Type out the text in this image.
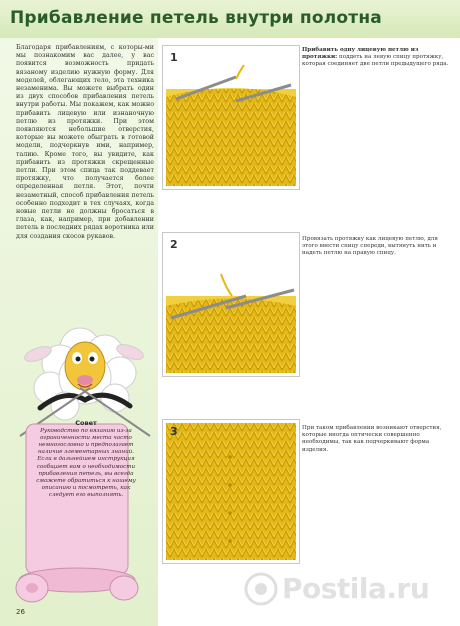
Прибавление петель внутри полотна

Благодаря прибавлениям, с которы-ми мы познакомим вас далее, у вас появится возможность придать вязаному изделию нужную форму. Для моделей, облегающих тело, эта техника незаменима. Вы можете выбрать один из двух способов прибавления петель внутри работы. Мы покажем, как можно прибавить лицевую или изнаночную петлю из протяжки. При этом появляются небольшие отверстия, которые вы можете обыграть в готовой модели, подчеркнув ими, например, талию. Кроме того, вы увидите, как прибавить из протяжки скрещенные петли. При этом спица так поддевает протяжку, что получается более определенная петля. Этот, почти незаметный, способ прибавления петель особенно подходит в тех случаях, когда новые петли не должны бросаться в глаза, как, например, при добавлении петель в последних рядах воротника или для создания скосов рукавов.

1
2
3

Прибавить одну лицевую петлю из протяжки: поддеть на левую спицу протяжку, которая соединяет две петли предыдущего ряда.

Провязать протяжку как лицевую петлю, для этого ввести спицу спереди, вытянуть нить и надеть петлю на правую спицу.

При таком прибавлении возникают отверстия, которые иногда оптически совершенно необходимы, так как подчеркивают форма изделия.

Совет
Руководство по вязанию из-за ограниченности места часто немногословно и предполагает наличие элементарных знаний. Если в дальнейшем инструкция сообщает вам о необходимости прибавления петель, вы всегда сможете обратиться к нашему описанию и посмотреть, как следует его выполнять.
26
Postila.ru
